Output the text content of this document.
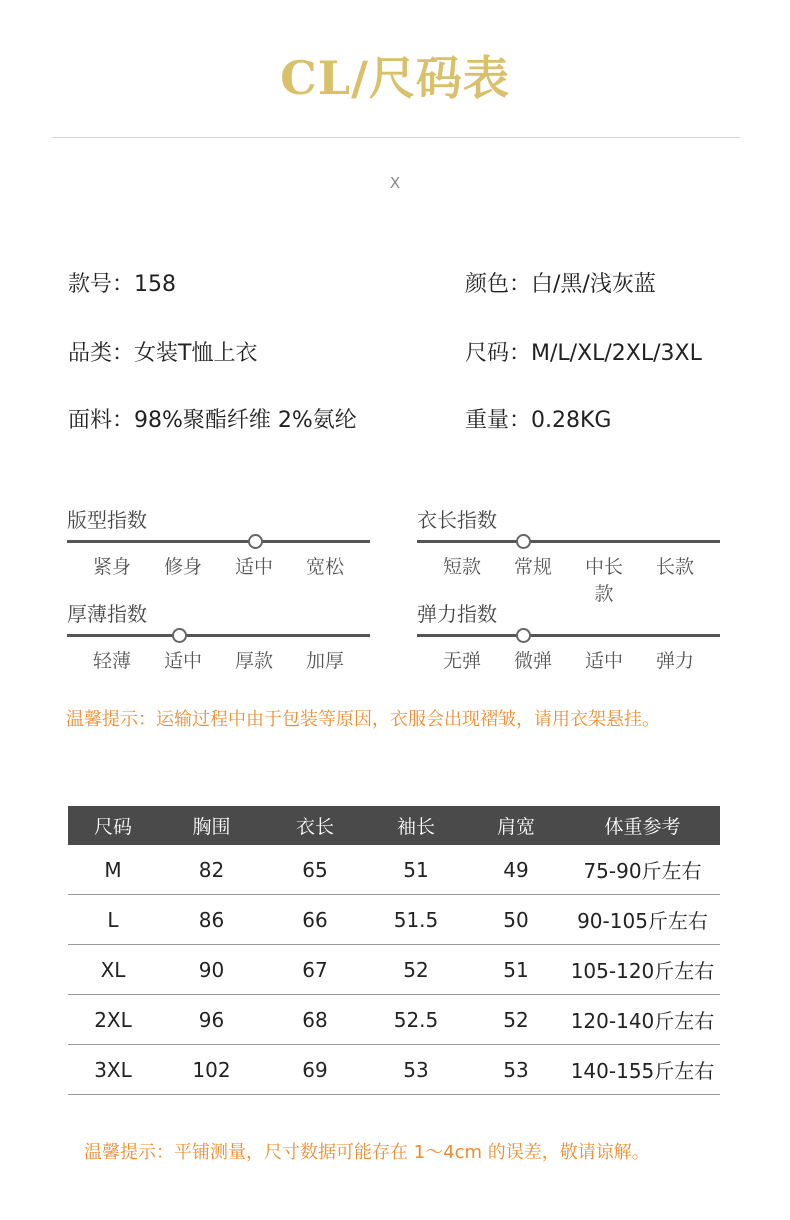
CL/尺码表
X
款号：158	颜色：白/黑/浅灰蓝
品类：女装T恤上衣	尺码：M/L/XL/2XL/3XL
面料：98%聚酯纤维 2%氨纶	重量：0.28KG
版型指数
紧身	修身	适中	宽松
衣长指数
短款	常规	中长款
长款
厚薄指数
轻薄	适中	厚款	加厚
弹力指数
无弹	微弹	适中	弹力
温馨提示：运输过程中由于包装等原因，衣服会出现褶皱，请用衣架悬挂。
尺码	胸围	衣长	袖长	肩宽	体重参考
M	82	65	51	49	75-90斤左右
L	86	66	51.5	50	90-105斤左右
XL	90	67	52	51	105-120斤左右
2XL	96	68	52.5	52	120-140斤左右
3XL	102	69	53	53	140-155斤左右
温馨提示：平铺测量，尺寸数据可能存在 1～4cm 的误差，敬请谅解。
